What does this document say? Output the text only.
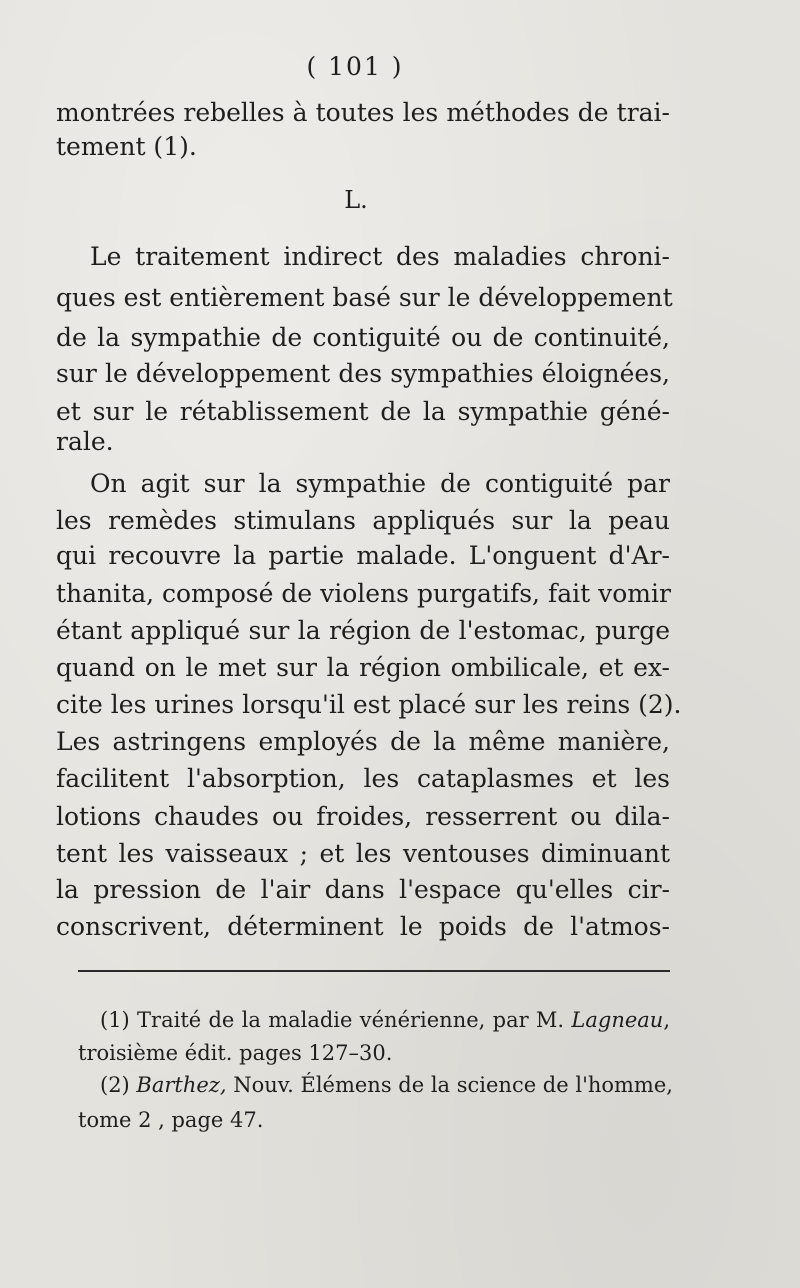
( 101 )
montrées rebelles à toutes les méthodes de trai-
tement (1).
L.
Le traitement indirect des maladies chroni-
ques est entièrement basé sur le développement
de la sympathie de contiguité ou de continuité,
sur le développement des sympathies éloignées,
et sur le rétablissement de la sympathie géné-
rale.
On agit sur la sympathie de contiguité par
les remèdes stimulans appliqués sur la peau
qui recouvre la partie malade. L'onguent d'Ar-
thanita, composé de violens purgatifs, fait vomir
étant appliqué sur la région de l'estomac, purge
quand on le met sur la région ombilicale, et ex-
cite les urines lorsqu'il est placé sur les reins (2).
Les astringens employés de la même manière,
facilitent l'absorption, les cataplasmes et les
lotions chaudes ou froides, resserrent ou dila-
tent les vaisseaux ; et les ventouses diminuant
la pression de l'air dans l'espace qu'elles cir-
conscrivent, déterminent le poids de l'atmos-
(1) Traité de la maladie vénérienne, par M. Lagneau,
troisième édit. pages 127–30.
(2) Barthez, Nouv. Élémens de la science de l'homme,
tome 2 , page 47.
